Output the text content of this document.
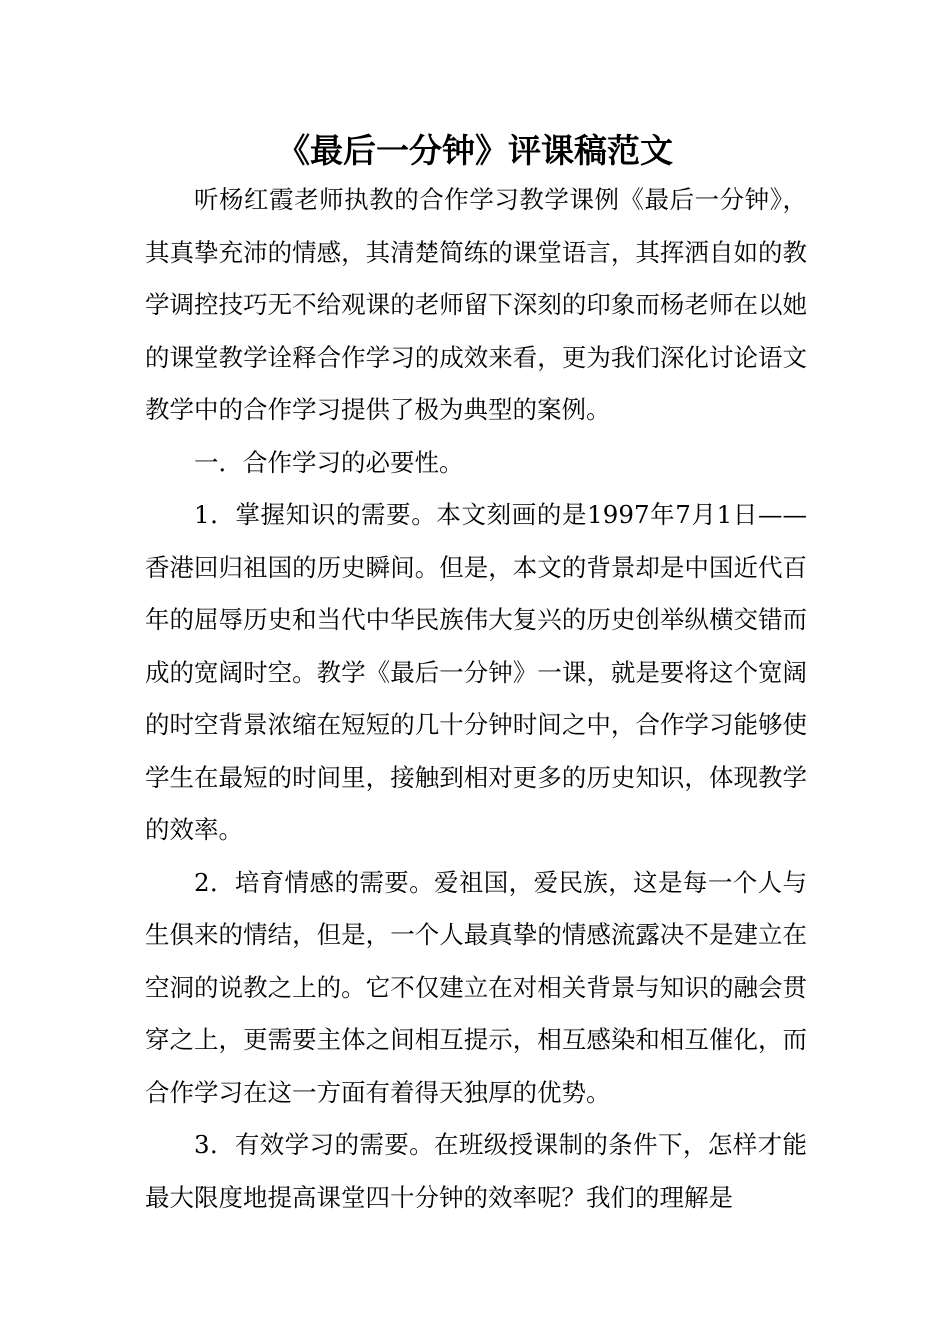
《最后一分钟》评课稿范文

听杨红霞老师执教的合作学习教学课例《最后一分钟》，其真挚充沛的情感，其清楚简练的课堂语言，其挥洒自如的教学调控技巧无不给观课的老师留下深刻的印象而杨老师在以她的课堂教学诠释合作学习的成效来看，更为我们深化讨论语文教学中的合作学习提供了极为典型的案例。

一．合作学习的必要性。

1．掌握知识的需要。本文刻画的是1997年7月1日——香港回归祖国的历史瞬间。但是，本文的背景却是中国近代百年的屈辱历史和当代中华民族伟大复兴的历史创举纵横交错而成的宽阔时空。教学《最后一分钟》一课，就是要将这个宽阔的时空背景浓缩在短短的几十分钟时间之中，合作学习能够使学生在最短的时间里，接触到相对更多的历史知识，体现教学的效率。

2．培育情感的需要。爱祖国，爱民族，这是每一个人与生俱来的情结，但是，一个人最真挚的情感流露决不是建立在空洞的说教之上的。它不仅建立在对相关背景与知识的融会贯穿之上，更需要主体之间相互提示，相互感染和相互催化，而合作学习在这一方面有着得天独厚的优势。

3．有效学习的需要。在班级授课制的条件下，怎样才能最大限度地提高课堂四十分钟的效率呢？我们的理解是
